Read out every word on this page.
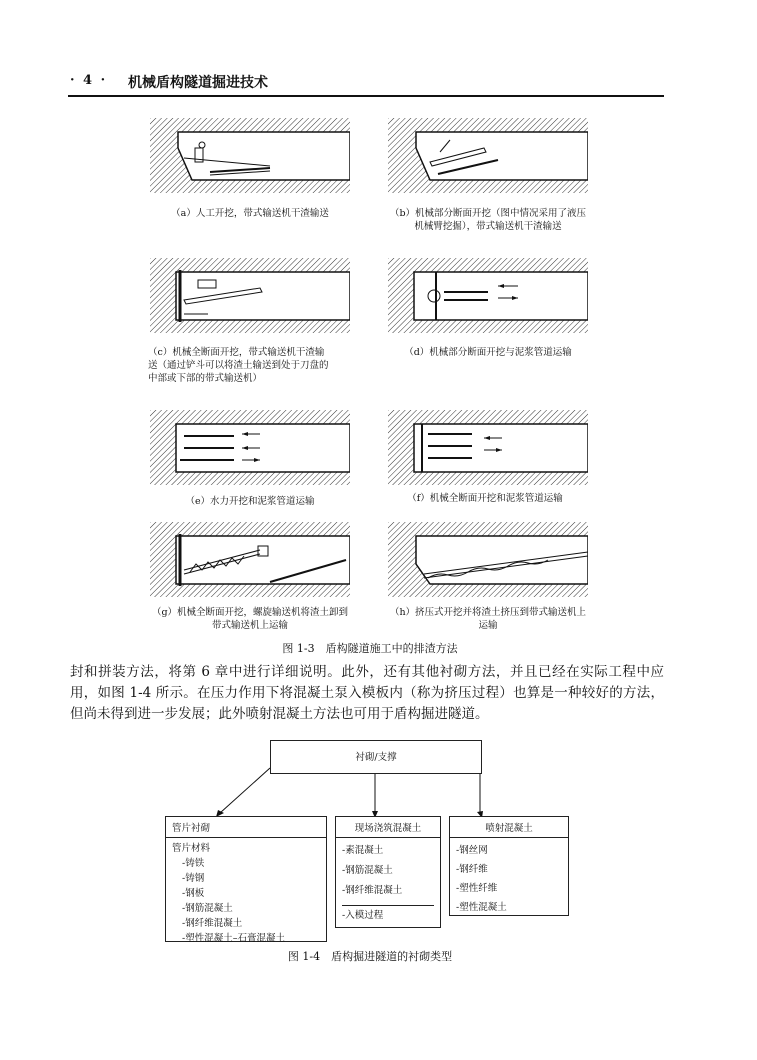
· 4 · 机械盾构隧道掘进技术
（a）人工开挖，带式输送机干渣输送	（b）机械部分断面开挖（图中情况采用了液压机械臂挖掘），带式输送机干渣输送
（c）机械全断面开挖，带式输送机干渣输送（通过铲斗可以将渣土输送到处于刀盘的中部或下部的带式输送机）
（d）机械部分断面开挖与泥浆管道运输
（e）水力开挖和泥浆管道运输	（f）机械全断面开挖和泥浆管道运输
（g）机械全断面开挖，螺旋输送机将渣土卸到带式输送机上运输
（h）挤压式开挖并将渣土挤压到带式输送机上运输
图 1-3　盾构隧道施工中的排渣方法
封和拼装方法，将第 6 章中进行详细说明。此外，还有其他衬砌方法，并且已经在实际工程中应用，如图 1-4 所示。在压力作用下将混凝土泵入模板内（称为挤压过程）也算是一种较好的方法，但尚未得到进一步发展；此外喷射混凝土方法也可用于盾构掘进隧道。
衬砌/支撑
管片衬砌
管片材料
-铸铁
-铸钢
-钢板
-钢筋混凝土
-钢纤维混凝土
-塑性混凝土–石膏混凝土
现场浇筑混凝土
-素混凝土
-钢筋混凝土
-钢纤维混凝土
-入模过程
喷射混凝土
-钢丝网
-钢纤维
-塑性纤维
-塑性混凝土
图 1-4　盾构掘进隧道的衬砌类型
